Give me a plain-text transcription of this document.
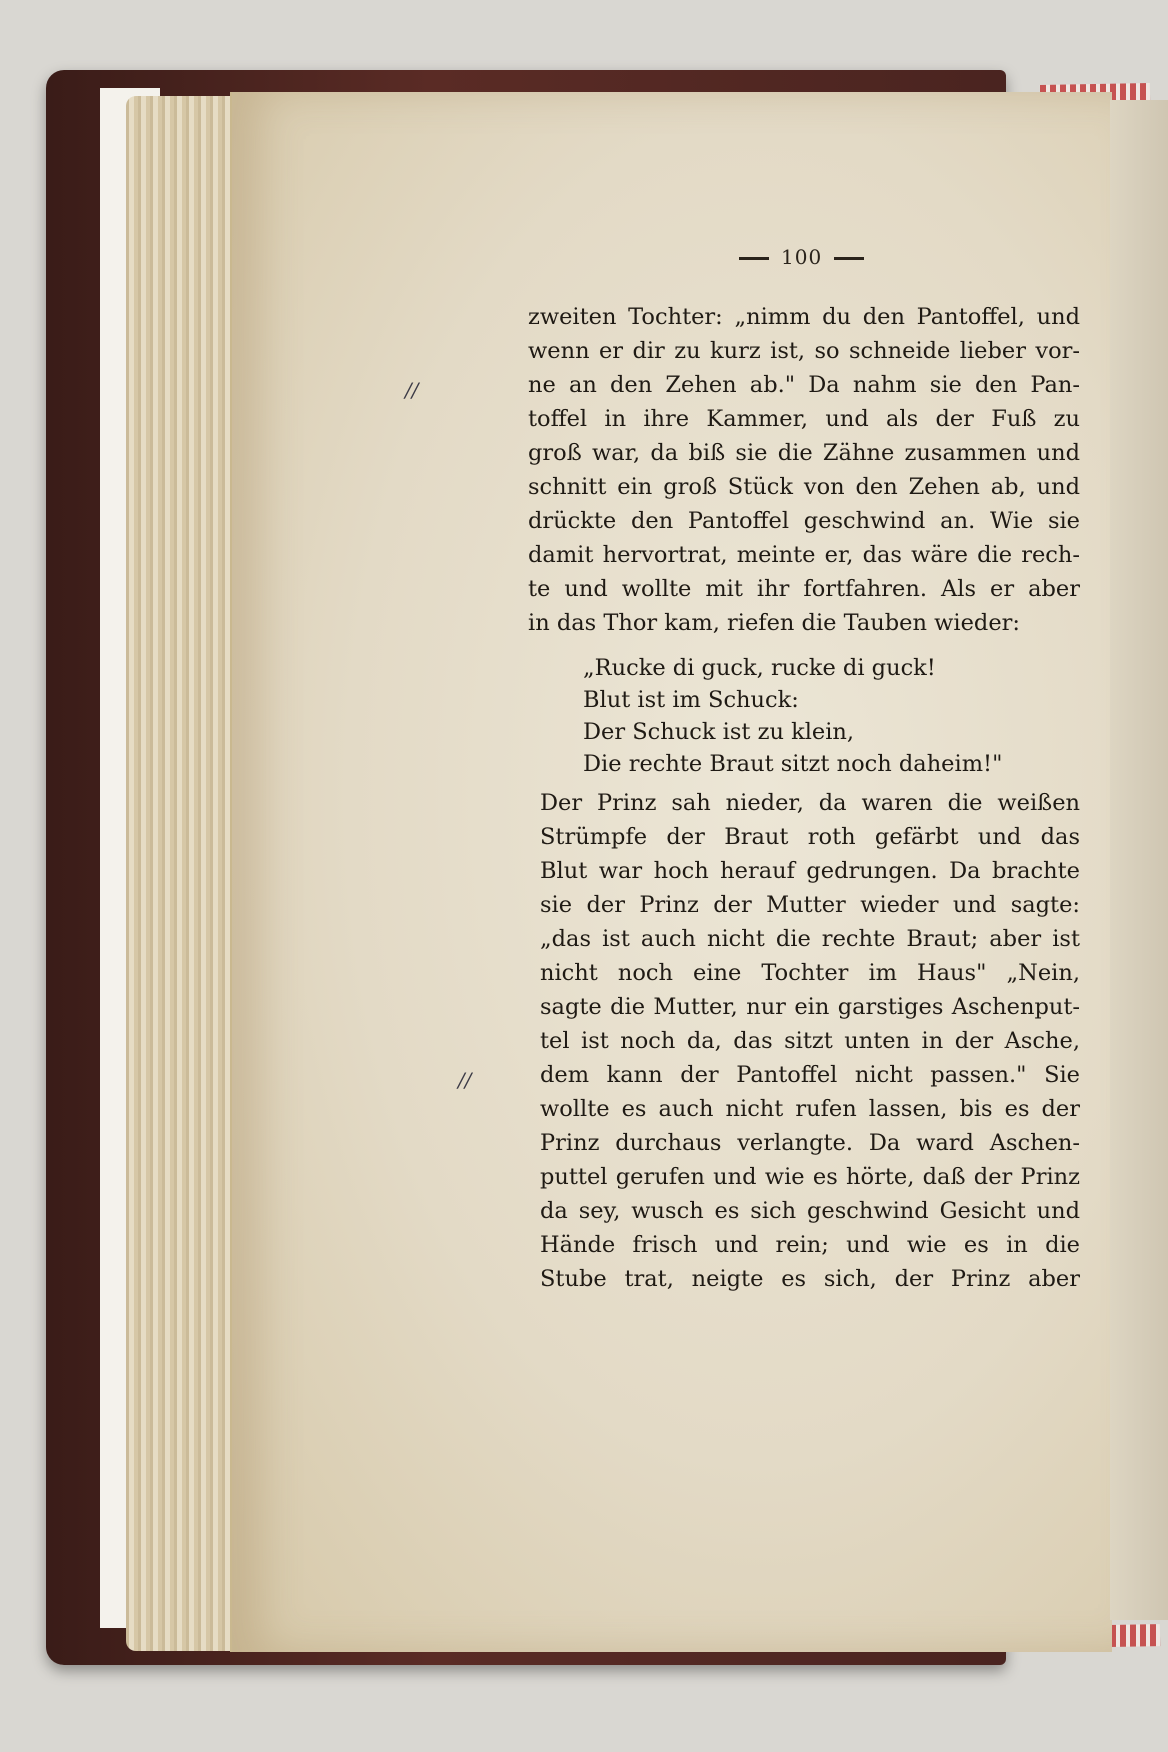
100
//
//
zweiten Tochter: „nimm du den Pantoffel, und
wenn er dir zu kurz ist, so schneide lieber vor-
ne an den Zehen ab." Da nahm sie den Pan-
toffel in ihre Kammer, und als der Fuß zu
groß war, da biß sie die Zähne zusammen und
schnitt ein groß Stück von den Zehen ab, und
drückte den Pantoffel geschwind an. Wie sie
damit hervortrat, meinte er, das wäre die rech-
te und wollte mit ihr fortfahren. Als er aber
in das Thor kam, riefen die Tauben wieder:
„Rucke di guck, rucke di guck!
Blut ist im Schuck:
Der Schuck ist zu klein,
Die rechte Braut sitzt noch daheim!"
Der Prinz sah nieder, da waren die weißen
Strümpfe der Braut roth gefärbt und das
Blut war hoch herauf gedrungen. Da brachte
sie der Prinz der Mutter wieder und sagte:
„das ist auch nicht die rechte Braut; aber ist
nicht noch eine Tochter im Haus" „Nein,
sagte die Mutter, nur ein garstiges Aschenput-
tel ist noch da, das sitzt unten in der Asche,
dem kann der Pantoffel nicht passen." Sie
wollte es auch nicht rufen lassen, bis es der
Prinz durchaus verlangte. Da ward Aschen-
puttel gerufen und wie es hörte, daß der Prinz
da sey, wusch es sich geschwind Gesicht und
Hände frisch und rein; und wie es in die
Stube trat, neigte es sich, der Prinz aber
